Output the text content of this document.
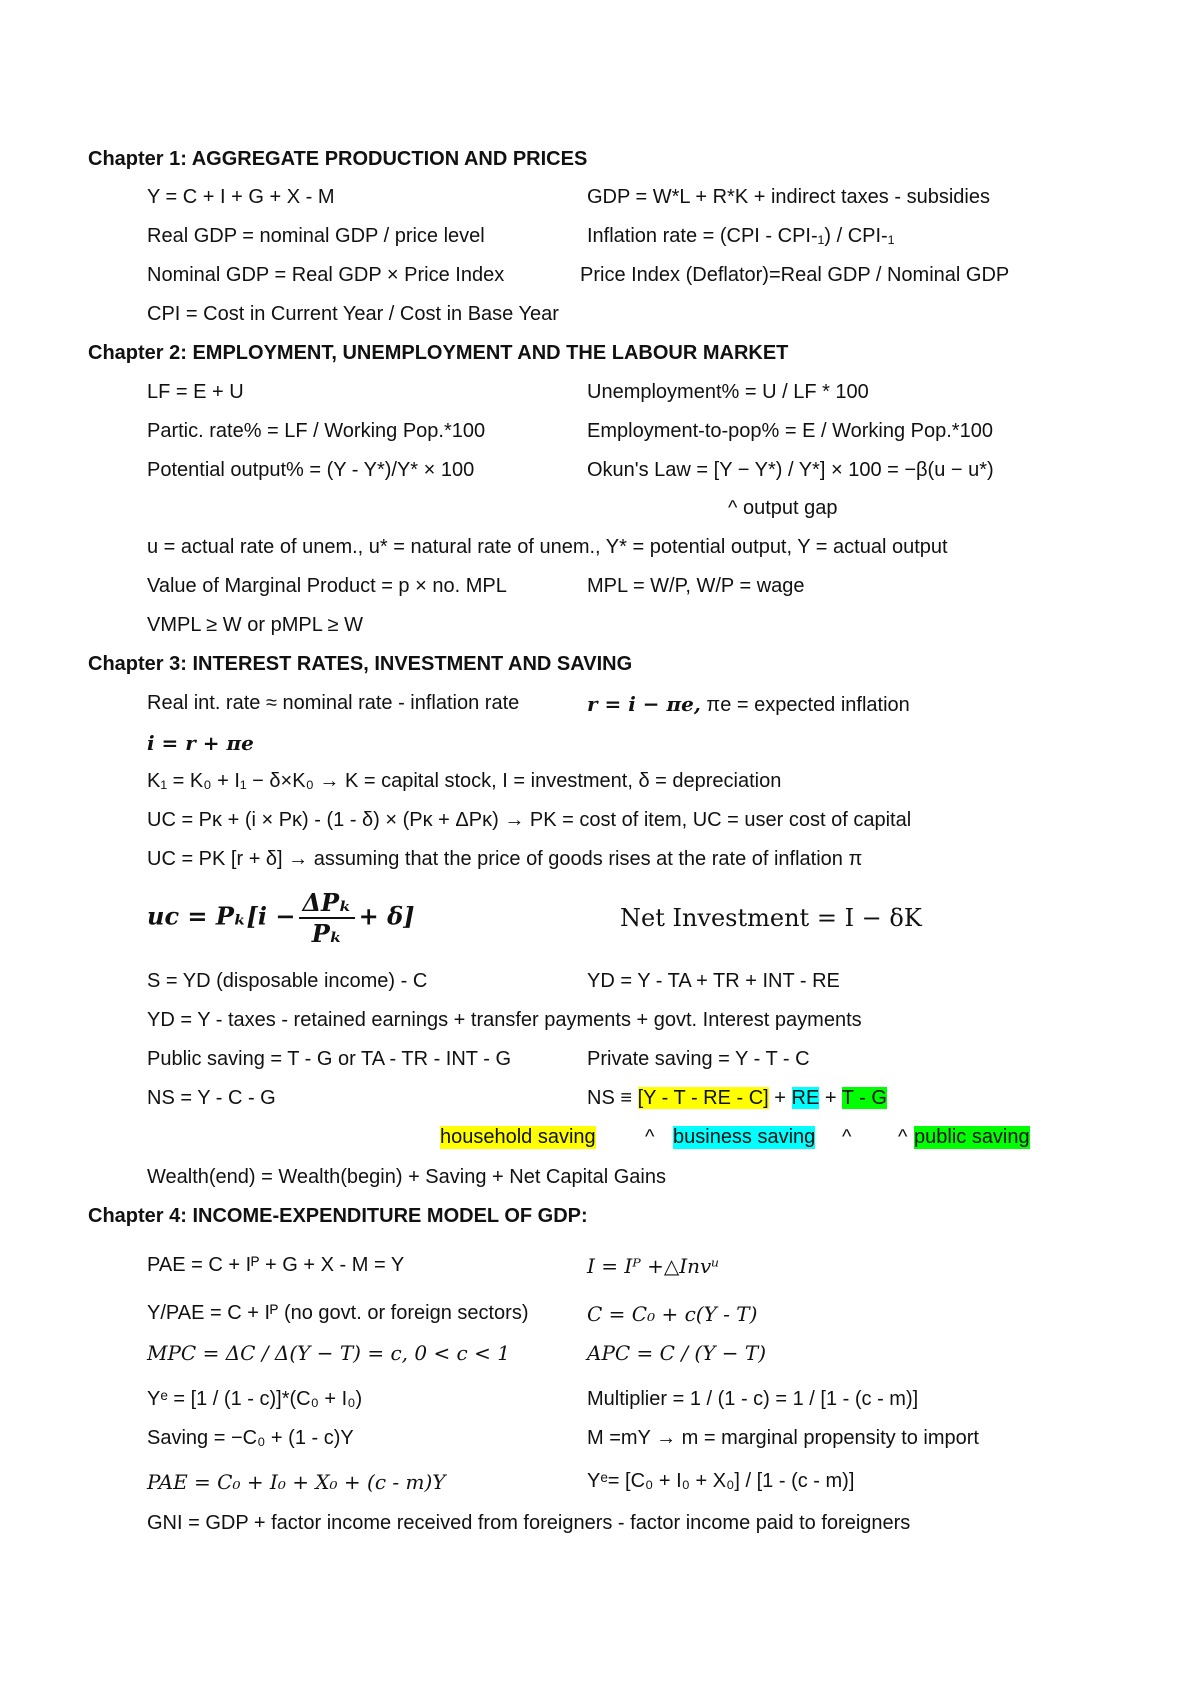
Chapter 1: AGGREGATE PRODUCTION AND PRICES
Y = C + I + G + X - M	GDP = W*L + R*K + indirect taxes - subsidies
Real GDP = nominal GDP / price level	Inflation rate = (CPI - CPI-₁) / CPI-₁
Nominal GDP = Real GDP × Price Index	Price Index (Deflator)=Real GDP / Nominal GDP
CPI = Cost in Current Year / Cost in Base Year
Chapter 2: EMPLOYMENT, UNEMPLOYMENT AND THE LABOUR MARKET
LF = E + U	Unemployment% = U / LF * 100
Partic. rate% = LF / Working Pop.*100	Employment-to-pop% = E / Working Pop.*100
Potential output% = (Y - Y*)/Y* × 100	Okun's Law = [Y − Y*) / Y*] × 100 = −β(u − u*)
^ output gap
u = actual rate of unem., u* = natural rate of unem., Y* = potential output, Y = actual output
Value of Marginal Product = p × no. MPL	MPL = W/P, W/P = wage
VMPL ≥ W or pMPL ≥ W
Chapter 3: INTEREST RATES, INVESTMENT AND SAVING
Real int. rate ≈ nominal rate - inflation rate	r = i − πe, πe = expected inflation
i = r + πe
K₁ = K₀ + I₁ − δ×K₀ → K = capital stock, I = investment, δ = depreciation
UC = Pᴋ + (i × Pᴋ) - (1 - δ) × (Pᴋ + ΔPᴋ) → PK = cost of item, UC = user cost of capital
UC = PK [r + δ] → assuming that the price of goods rises at the rate of inflation π
uc = $P_k[i - \frac{\text{ΔPₖ}}{\text{Pₖ}} + \delta]$	Net Investment = I − δK
S = YD (disposable income) - C	YD = Y - TA + TR + INT - RE
YD = Y - taxes - retained earnings + transfer payments + govt. Interest payments
Public saving = T - G or TA - TR - INT - G	Private saving = Y - T - C
NS = Y - C - G	NS ≡ [Y - T - RE - C] + RE + T - G
household saving ^ business saving ^ ^ public saving
Wealth(end) = Wealth(begin) + Saving + Net Capital Gains
Chapter 4: INCOME-EXPENDITURE MODEL OF GDP:
PAE = C + Iᴾ + G + X - M = Y	I = Iᴾ +△Invᵘ
Y/PAE = C + Iᴾ (no govt. or foreign sectors)	C = C₀ + c(Y - T)
MPC = ΔC / Δ(Y − T) = c, 0 < c < 1	APC = C / (Y − T)
Yᵉ = [1 / (1 - c)]*(C₀ + I₀)	Multiplier = 1 / (1 - c) = 1 / [1 - (c - m)]
Saving = −C₀ + (1 - c)Y	M =mY → m = marginal propensity to import
PAE = C₀ + I₀ + X₀ + (c - m)Y	Yᵉ= [C₀ + I₀ + X₀] / [1 - (c - m)]
GNI = GDP + factor income received from foreigners - factor income paid to foreigners
